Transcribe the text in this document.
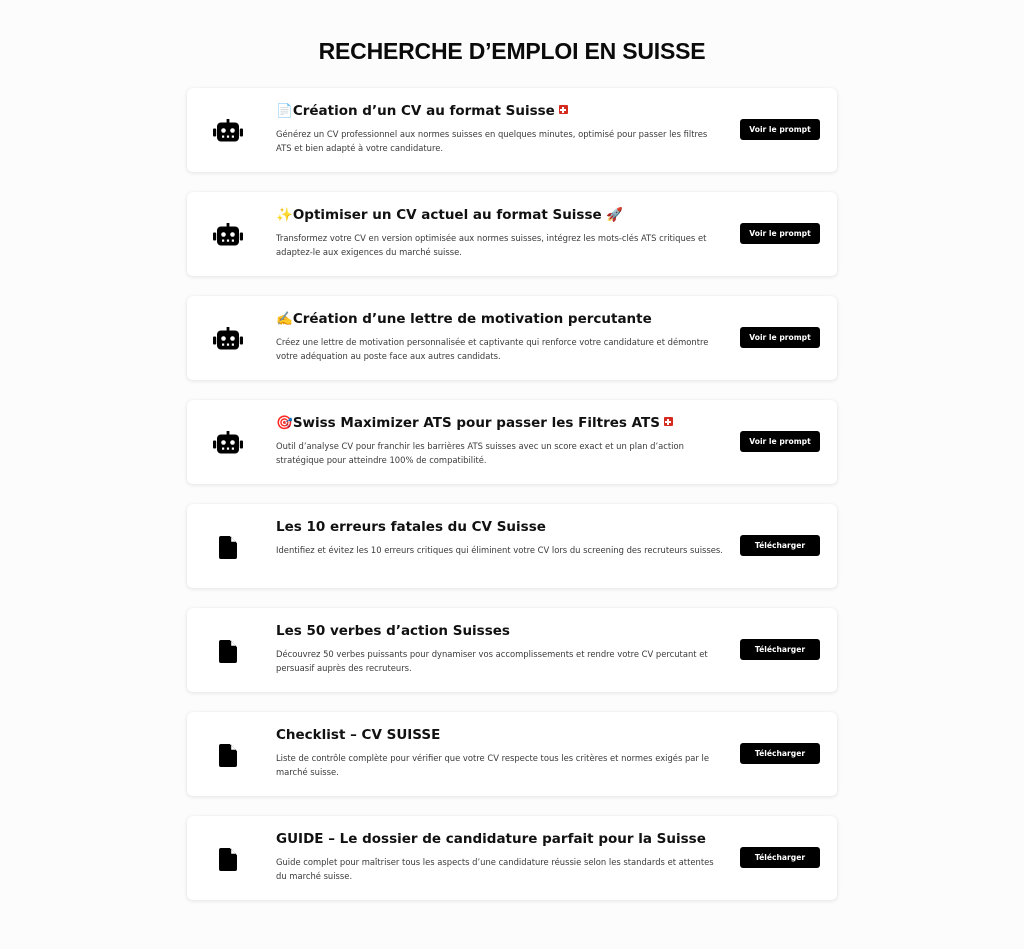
RECHERCHE D’EMPLOI EN SUISSE
📄Création d’un CV au format Suisse
Générez un CV professionnel aux normes suisses en quelques minutes, optimisé pour passer les filtres ATS et bien adapté à votre candidature.
Voir le prompt
✨Optimiser un CV actuel au format Suisse 🚀
Transformez votre CV en version optimisée aux normes suisses, intégrez les mots-clés ATS critiques et adaptez-le aux exigences du marché suisse.
Voir le prompt
✍️Création d’une lettre de motivation percutante
Créez une lettre de motivation personnalisée et captivante qui renforce votre candidature et démontre votre adéquation au poste face aux autres candidats.
Voir le prompt
🎯Swiss Maximizer ATS pour passer les Filtres ATS
Outil d’analyse CV pour franchir les barrières ATS suisses avec un score exact et un plan d’action stratégique pour atteindre 100% de compatibilité.
Voir le prompt
Les 10 erreurs fatales du CV Suisse
Identifiez et évitez les 10 erreurs critiques qui éliminent votre CV lors du screening des recruteurs suisses.	Télécharger
Les 50 verbes d’action Suisses
Découvrez 50 verbes puissants pour dynamiser vos accomplissements et rendre votre CV percutant et persuasif auprès des recruteurs.
Télécharger
Checklist – CV SUISSE
Liste de contrôle complète pour vérifier que votre CV respecte tous les critères et normes exigés par le marché suisse.
Télécharger
GUIDE – Le dossier de candidature parfait pour la Suisse
Guide complet pour maîtriser tous les aspects d’une candidature réussie selon les standards et attentes du marché suisse.
Télécharger
